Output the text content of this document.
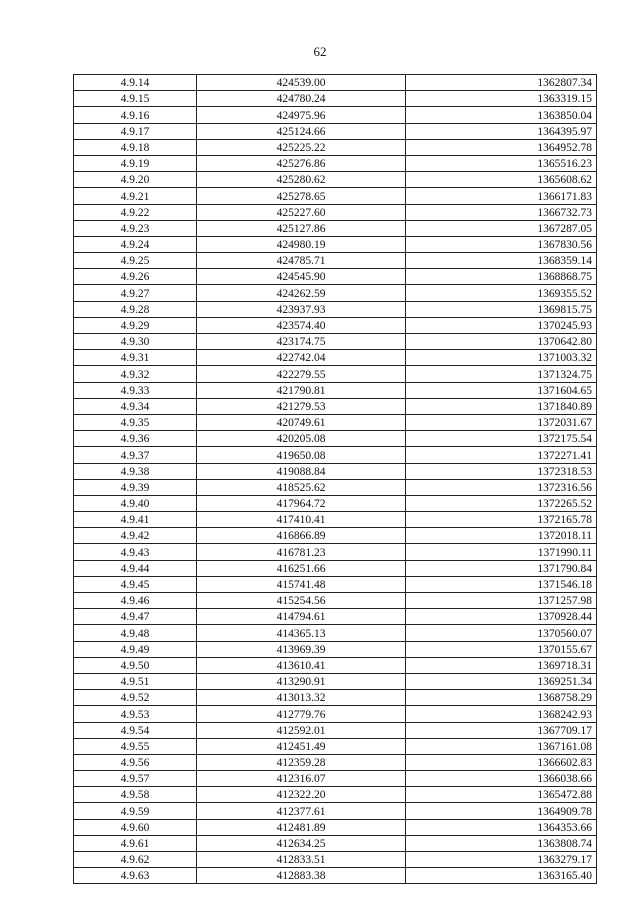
62
4.9.14	424539.00	1362807.34
4.9.15	424780.24	1363319.15
4.9.16	424975.96	1363850.04
4.9.17	425124.66	1364395.97
4.9.18	425225.22	1364952.78
4.9.19	425276.86	1365516.23
4.9.20	425280.62	1365608.62
4.9.21	425278.65	1366171.83
4.9.22	425227.60	1366732.73
4.9.23	425127.86	1367287.05
4.9.24	424980.19	1367830.56
4.9.25	424785.71	1368359.14
4.9.26	424545.90	1368868.75
4.9.27	424262.59	1369355.52
4.9.28	423937.93	1369815.75
4.9.29	423574.40	1370245.93
4.9.30	423174.75	1370642.80
4.9.31	422742.04	1371003.32
4.9.32	422279.55	1371324.75
4.9.33	421790.81	1371604.65
4.9.34	421279.53	1371840.89
4.9.35	420749.61	1372031.67
4.9.36	420205.08	1372175.54
4.9.37	419650.08	1372271.41
4.9.38	419088.84	1372318.53
4.9.39	418525.62	1372316.56
4.9.40	417964.72	1372265.52
4.9.41	417410.41	1372165.78
4.9.42	416866.89	1372018.11
4.9.43	416781.23	1371990.11
4.9.44	416251.66	1371790.84
4.9.45	415741.48	1371546.18
4.9.46	415254.56	1371257.98
4.9.47	414794.61	1370928.44
4.9.48	414365.13	1370560.07
4.9.49	413969.39	1370155.67
4.9.50	413610.41	1369718.31
4.9.51	413290.91	1369251.34
4.9.52	413013.32	1368758.29
4.9.53	412779.76	1368242.93
4.9.54	412592.01	1367709.17
4.9.55	412451.49	1367161.08
4.9.56	412359.28	1366602.83
4.9.57	412316.07	1366038.66
4.9.58	412322.20	1365472.88
4.9.59	412377.61	1364909.78
4.9.60	412481.89	1364353.66
4.9.61	412634.25	1363808.74
4.9.62	412833.51	1363279.17
4.9.63	412883.38	1363165.40
